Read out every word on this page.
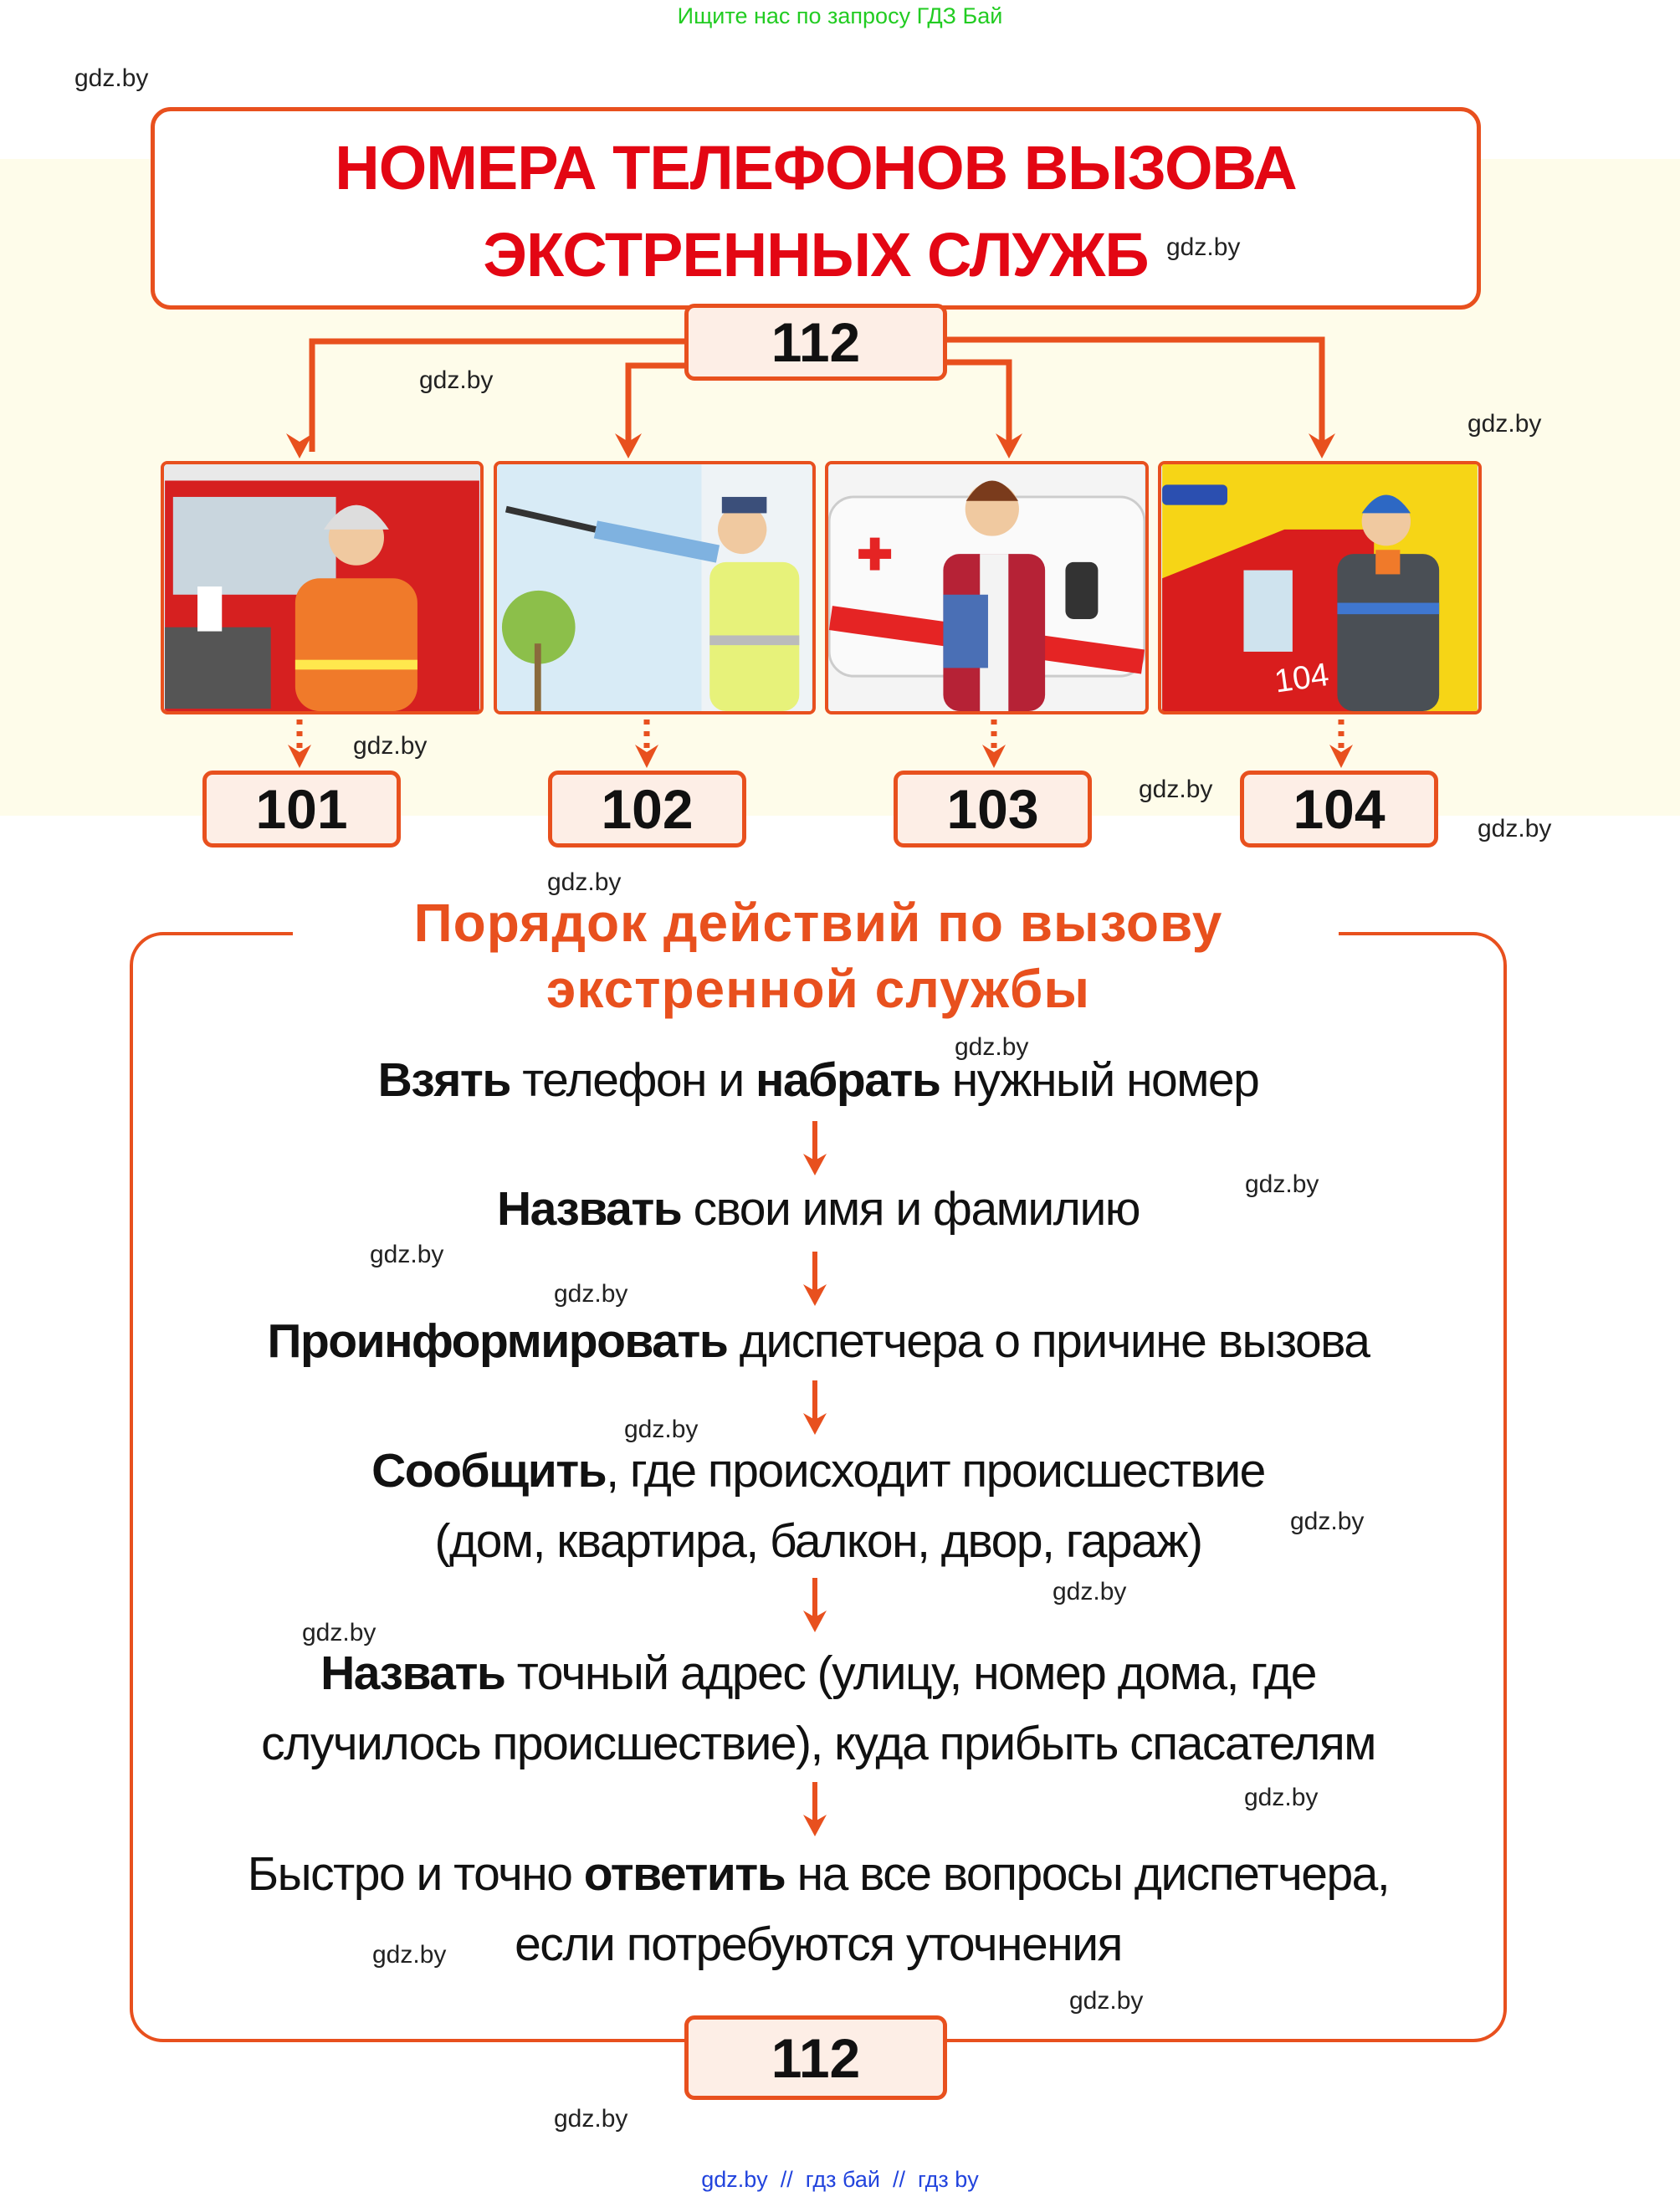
Ищите нас по запросу ГДЗ Бай
НОМЕРА ТЕЛЕФОНОВ ВЫЗОВА
ЭКСТРЕННЫХ СЛУЖБ
112
104
101	102	103	104
Порядок действий по вызову
экстренной службы
Взять телефон и набрать нужный номер
Назвать свои имя и фамилию
Проинформировать диспетчера о причине вызова
Сообщить, где происходит происшествие
(дом, квартира, балкон, двор, гараж)
Назвать точный адрес (улицу, номер дома, где
случилось происшествие), куда прибыть спасателям
Быстро и точно ответить на все вопросы диспетчера,
если потребуются уточнения
112
gdz.by
gdz.by
gdz.by
gdz.by
gdz.by
gdz.by
gdz.by
gdz.by
gdz.by
gdz.by
gdz.by
gdz.by
gdz.by
gdz.by
gdz.by
gdz.by
gdz.by
gdz.by
gdz.by
gdz.by
gdz.by  //  гдз бай  //  гдз by
